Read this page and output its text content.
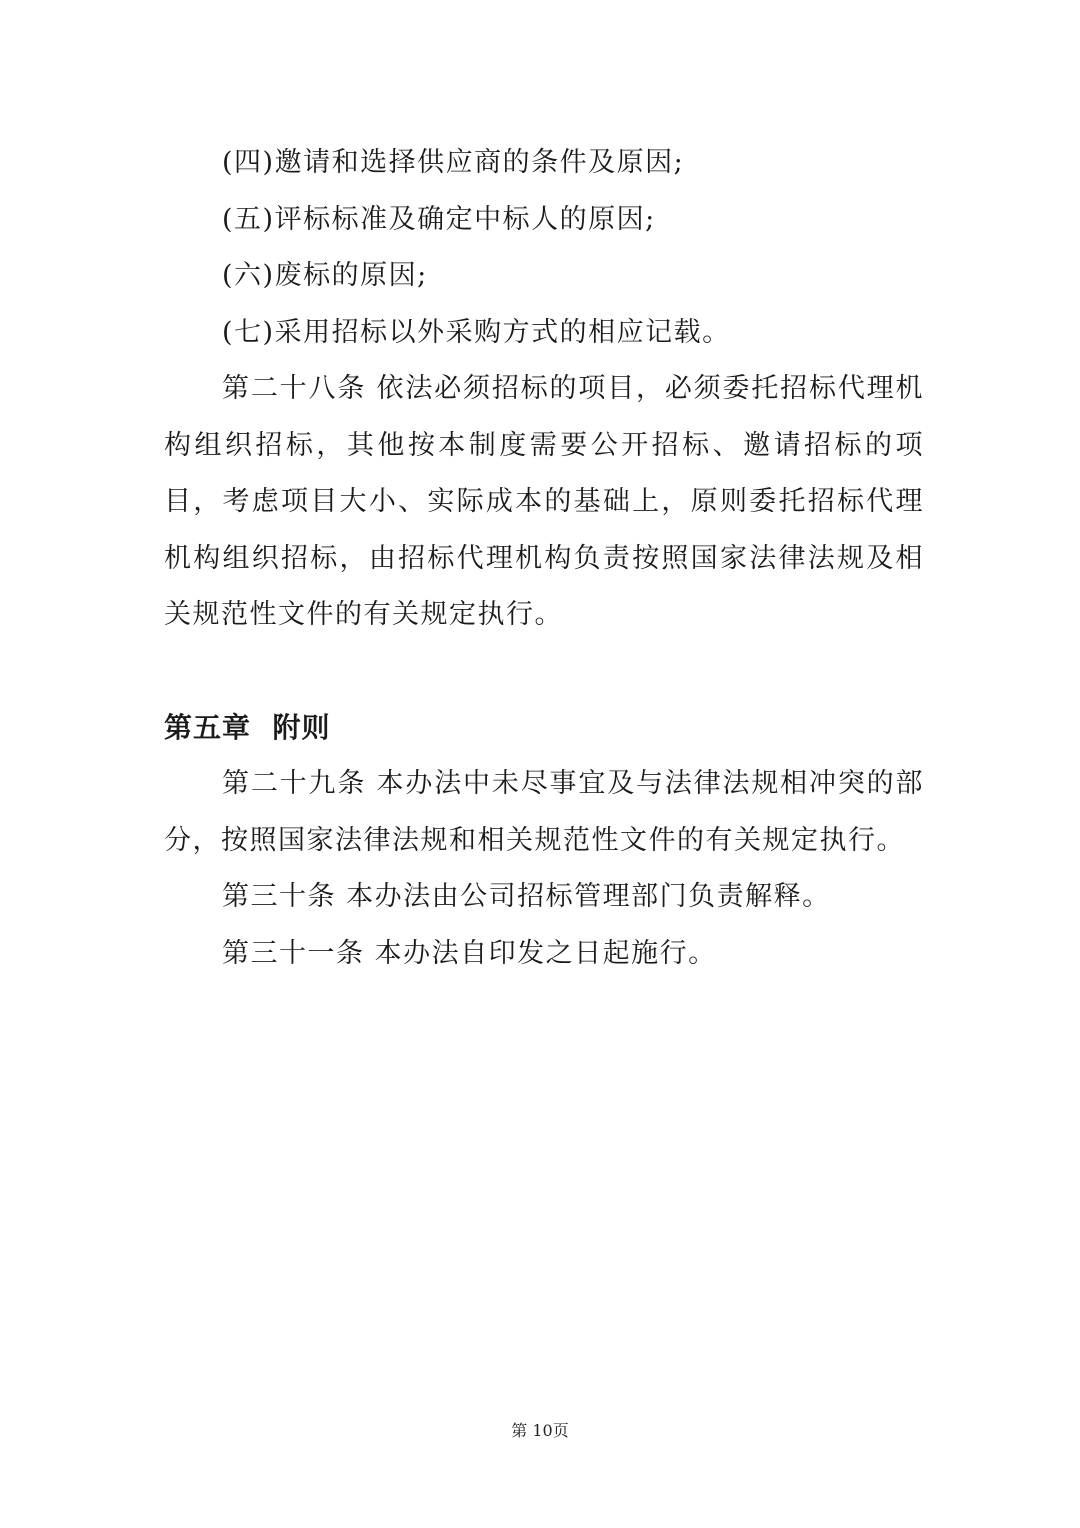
(四)邀请和选择供应商的条件及原因;

(五)评标标准及确定中标人的原因;

(六)废标的原因;

(七)采用招标以外采购方式的相应记载。

第二十八条 依法必须招标的项目，必须委托招标代理机构组织招标，其他按本制度需要公开招标、邀请招标的项目，考虑项目大小、实际成本的基础上，原则委托招标代理机构组织招标，由招标代理机构负责按照国家法律法规及相关规范性文件的有关规定执行。

第五章  附则

第二十九条 本办法中未尽事宜及与法律法规相冲突的部分，按照国家法律法规和相关规范性文件的有关规定执行。

第三十条 本办法由公司招标管理部门负责解释。

第三十一条 本办法自印发之日起施行。

第 10页
